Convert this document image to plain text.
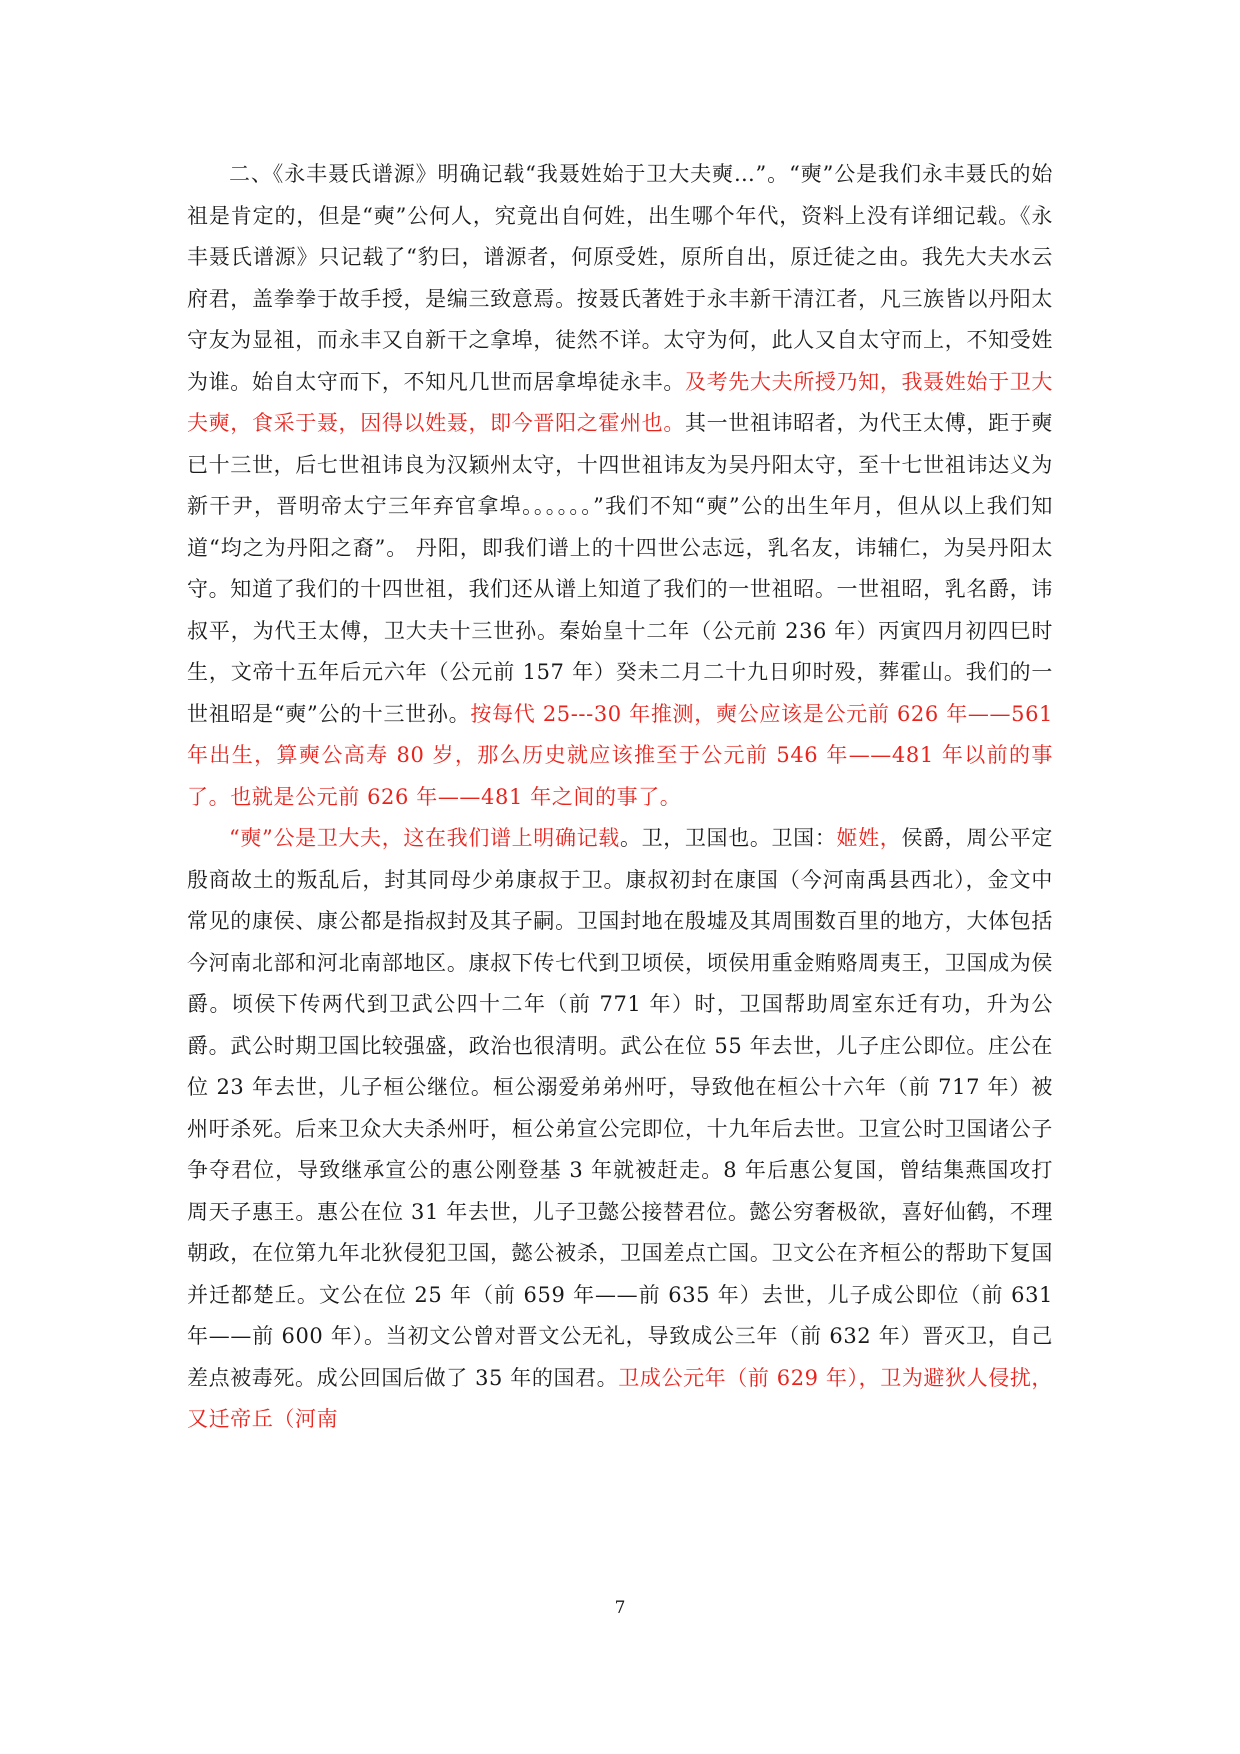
二、《永丰聂氏谱源》明确记载“我聂姓始于卫大夫奭…”。“奭”公是我们永丰聂氏的始祖是肯定的，但是“奭”公何人，究竟出自何姓，出生哪个年代，资料上没有详细记载。《永丰聂氏谱源》只记载了“豹曰，谱源者，何原受姓，原所自出，原迁徒之由。我先大夫水云府君，盖拳拳于故手授，是编三致意焉。按聂氏著姓于永丰新干清江者，凡三族皆以丹阳太守友为显祖，而永丰又自新干之拿埠，徒然不详。太守为何，此人又自太守而上，不知受姓为谁。始自太守而下，不知凡几世而居拿埠徒永丰。及考先大夫所授乃知，我聂姓始于卫大夫奭，食采于聂，因得以姓聂，即今晋阳之霍州也。其一世祖讳昭者，为代王太傅，距于奭已十三世，后七世祖讳良为汉颖州太守，十四世祖讳友为吴丹阳太守，至十七世祖讳达义为新干尹，晋明帝太宁三年弃官拿埠。。。。。。”我们不知“奭”公的出生年月，但从以上我们知道“均之为丹阳之裔”。 丹阳，即我们谱上的十四世公志远，乳名友，讳辅仁，为吴丹阳太守。知道了我们的十四世祖，我们还从谱上知道了我们的一世祖昭。一世祖昭，乳名爵，讳叔平，为代王太傅，卫大夫十三世孙。秦始皇十二年（公元前 236 年）丙寅四月初四巳时生，文帝十五年后元六年（公元前 157 年）癸未二月二十九日卯时殁，葬霍山。我们的一世祖昭是“奭”公的十三世孙。按每代 25---30 年推测，奭公应该是公元前 626 年——561 年出生，算奭公高寿 80 岁，那么历史就应该推至于公元前 546 年——481 年以前的事了。也就是公元前 626 年——481 年之间的事了。

“奭”公是卫大夫，这在我们谱上明确记载。卫，卫国也。卫国：姬姓，侯爵，周公平定殷商故土的叛乱后，封其同母少弟康叔于卫。康叔初封在康国（今河南禹县西北），金文中常见的康侯、康公都是指叔封及其子嗣。卫国封地在殷墟及其周围数百里的地方，大体包括今河南北部和河北南部地区。康叔下传七代到卫顷侯，顷侯用重金贿赂周夷王，卫国成为侯爵。顷侯下传两代到卫武公四十二年（前 771 年）时，卫国帮助周室东迁有功，升为公爵。武公时期卫国比较强盛，政治也很清明。武公在位 55 年去世，儿子庄公即位。庄公在位 23 年去世，儿子桓公继位。桓公溺爱弟弟州吁，导致他在桓公十六年（前 717 年）被州吁杀死。后来卫众大夫杀州吁，桓公弟宣公完即位，十九年后去世。卫宣公时卫国诸公子争夺君位，导致继承宣公的惠公刚登基 3 年就被赶走。8 年后惠公复国，曾结集燕国攻打周天子惠王。惠公在位 31 年去世，儿子卫懿公接替君位。懿公穷奢极欲，喜好仙鹤，不理朝政，在位第九年北狄侵犯卫国，懿公被杀，卫国差点亡国。卫文公在齐桓公的帮助下复国并迁都楚丘。文公在位 25 年（前 659 年——前 635 年）去世，儿子成公即位（前 631 年——前 600 年）。当初文公曾对晋文公无礼，导致成公三年（前 632 年）晋灭卫，自己差点被毒死。成公回国后做了 35 年的国君。卫成公元年（前 629 年），卫为避狄人侵扰，又迁帝丘（河南

7
